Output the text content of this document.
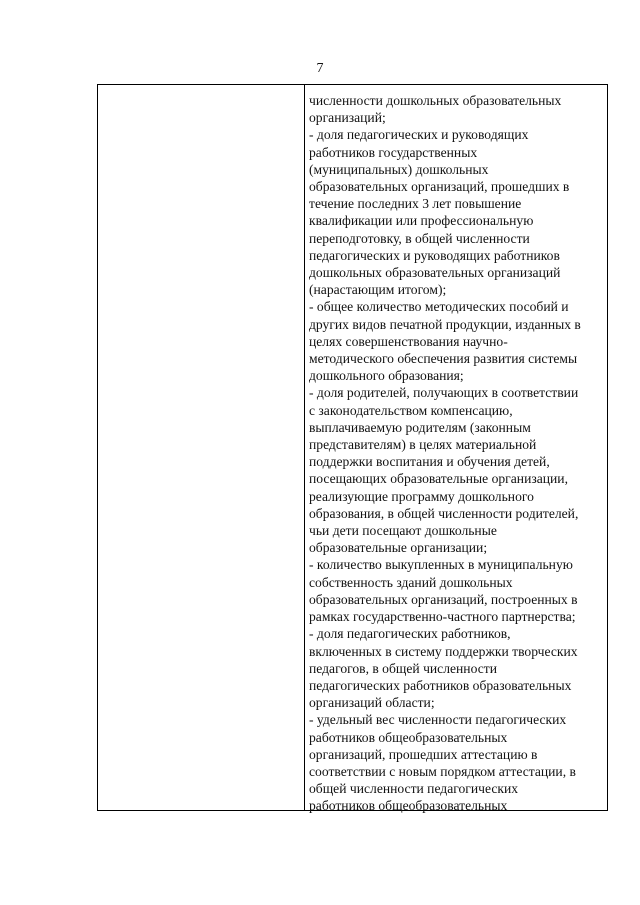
7
численности дошкольных образовательных
организаций;
- доля педагогических и руководящих
работников государственных
(муниципальных) дошкольных
образовательных организаций, прошедших в
течение последних 3 лет повышение
квалификации или профессиональную
переподготовку, в общей численности
педагогических и руководящих работников
дошкольных образовательных организаций
(нарастающим итогом);
- общее количество методических пособий и
других видов печатной продукции, изданных в
целях совершенствования научно-
методического обеспечения развития системы
дошкольного образования;
- доля родителей, получающих в соответствии
с законодательством компенсацию,
выплачиваемую родителям (законным
представителям) в целях материальной
поддержки воспитания и обучения детей,
посещающих образовательные организации,
реализующие программу дошкольного
образования, в общей численности родителей,
чьи дети посещают дошкольные
образовательные организации;
- количество выкупленных в муниципальную
собственность зданий дошкольных
образовательных организаций, построенных в
рамках государственно-частного партнерства;
- доля педагогических работников,
включенных в систему поддержки творческих
педагогов, в общей численности
педагогических работников образовательных
организаций области;
- удельный вес численности педагогических
работников общеобразовательных
организаций, прошедших аттестацию в
соответствии с новым порядком аттестации, в
общей численности педагогических
работников общеобразовательных
